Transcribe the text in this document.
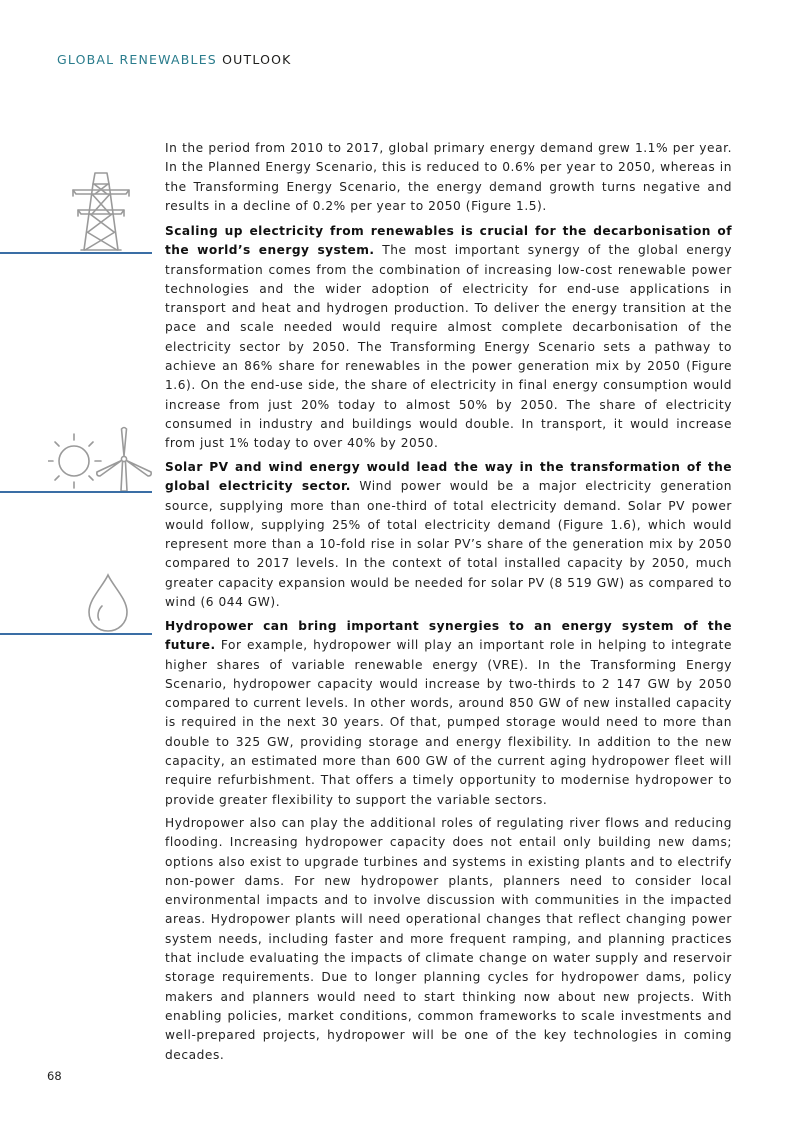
GLOBAL RENEWABLES OUTLOOK

In the period from 2010 to 2017, global primary energy demand grew 1.1% per year. In the Planned Energy Scenario, this is reduced to 0.6% per year to 2050, whereas in the Transforming Energy Scenario, the energy demand growth turns negative and results in a decline of 0.2% per year to 2050 (Figure 1.5).

Scaling up electricity from renewables is crucial for the decarbonisation of the world’s energy system. The most important synergy of the global energy transformation comes from the combination of increasing low-cost renewable power technologies and the wider adoption of electricity for end-use applications in transport and heat and hydrogen production. To deliver the energy transition at the pace and scale needed would require almost complete decarbonisation of the electricity sector by 2050. The Transforming Energy Scenario sets a pathway to achieve an 86% share for renewables in the power generation mix by 2050 (Figure 1.6). On the end-use side, the share of electricity in final energy consumption would increase from just 20% today to almost 50% by 2050. The share of electricity consumed in industry and buildings would double. In transport, it would increase from just 1% today to over 40% by 2050.

Solar PV and wind energy would lead the way in the transformation of the global electricity sector. Wind power would be a major electricity generation source, supplying more than one-third of total electricity demand. Solar PV power would follow, supplying 25% of total electricity demand (Figure 1.6), which would represent more than a 10-fold rise in solar PV’s share of the generation mix by 2050 compared to 2017 levels. In the context of total installed capacity by 2050, much greater capacity expansion would be needed for solar PV (8 519 GW) as compared to wind (6 044 GW).

Hydropower can bring important synergies to an energy system of the future. For example, hydropower will play an important role in helping to integrate higher shares of variable renewable energy (VRE). In the Transforming Energy Scenario, hydropower capacity would increase by two-thirds to 2 147 GW by 2050 compared to current levels. In other words, around 850 GW of new installed capacity is required in the next 30 years. Of that, pumped storage would need to more than double to 325 GW, providing storage and energy flexibility. In addition to the new capacity, an estimated more than 600 GW of the current aging hydropower fleet will require refurbishment. That offers a timely opportunity to modernise hydropower to provide greater flexibility to support the variable sectors.

Hydropower also can play the additional roles of regulating river flows and reducing flooding. Increasing hydropower capacity does not entail only building new dams; options also exist to upgrade turbines and systems in existing plants and to electrify non-power dams. For new hydropower plants, planners need to consider local environmental impacts and to involve discussion with communities in the impacted areas. Hydropower plants will need operational changes that reflect changing power system needs, including faster and more frequent ramping, and planning practices that include evaluating the impacts of climate change on water supply and reservoir storage requirements. Due to longer planning cycles for hydropower dams, policy makers and planners would need to start thinking now about new projects. With enabling policies, market conditions, common frameworks to scale investments and well-prepared projects, hydropower will be one of the key technologies in coming decades.

68
